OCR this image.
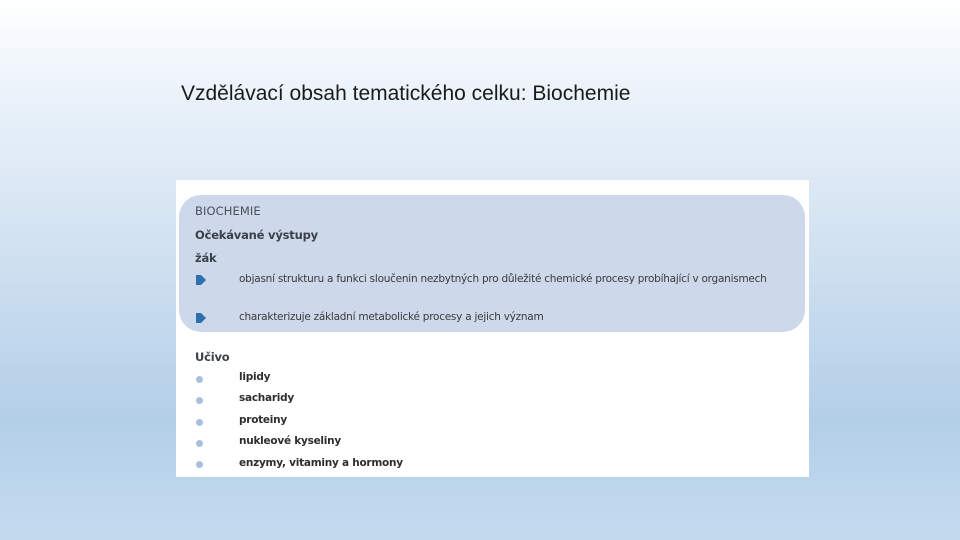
Vzdělávací obsah tematického celku: Biochemie
BIOCHEMIE
Očekávané výstupy
žák
objasní strukturu a funkci sloučenin nezbytných pro důležité chemické procesy probíhající v organismech
charakterizuje základní metabolické procesy a jejich význam
Učivo
lipidy
sacharidy
proteiny
nukleové kyseliny
enzymy, vitaminy a hormony
